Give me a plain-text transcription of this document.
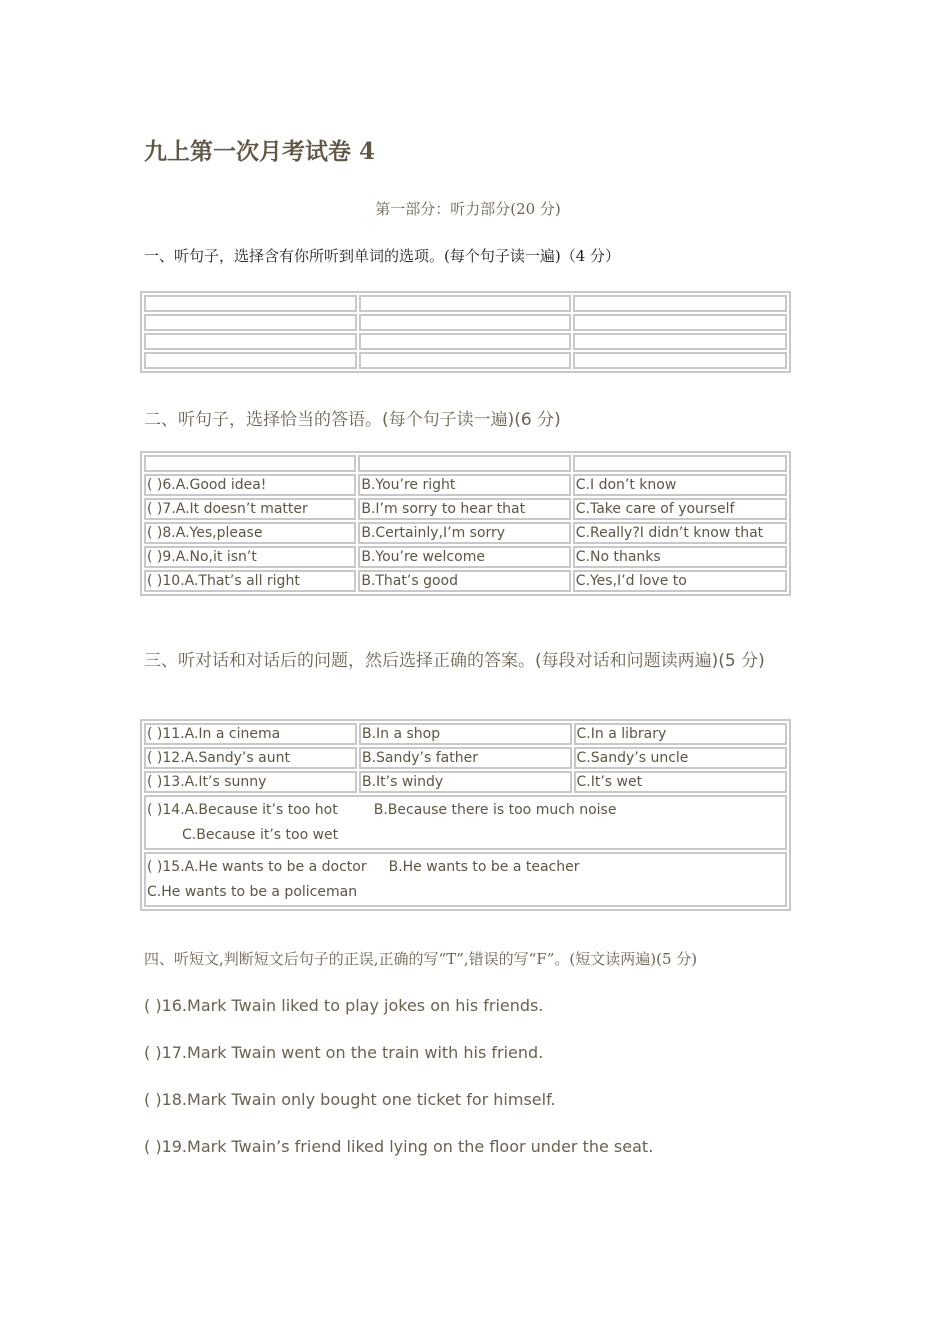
九上第一次月考试卷 4
第一部分：听力部分(20 分)
一、听句子，选择含有你所听到单词的选项。(每个句子读一遍)（4 分）

二、听句子，选择恰当的答语。(每个句子读一遍)(6 分)

( )6.A.Good idea!	B.You’re right	C.I don’t know
( )7.A.It doesn’t matter	B.I’m sorry to hear that	C.Take care of yourself
( )8.A.Yes,please	B.Certainly,I’m sorry	C.Really?I didn’t know that
( )9.A.No,it isn’t	B.You’re welcome	C.No thanks
( )10.A.That’s all right	B.That’s good	C.Yes,I’d love to
三、听对话和对话后的问题，然后选择正确的答案。(每段对话和问题读两遍)(5 分)
( )11.A.In a cinema	B.In a shop	C.In a library
( )12.A.Sandy’s aunt	B.Sandy’s father	C.Sandy’s uncle
( )13.A.It’s sunny	B.It’s windy	C.It’s wet
( )14.A.Because it’s too hot B.Because there is too much noise
C.Because it’s too wet		
( )15.A.He wants to be a doctor B.He wants to be a teacher
C.He wants to be a policeman		
四、听短文,判断短文后句子的正误,正确的写“T”,错误的写“F”。(短文读两遍)(5 分)
( )16.Mark Twain liked to play jokes on his friends.
( )17.Mark Twain went on the train with his friend.
( )18.Mark Twain only bought one ticket for himself.
( )19.Mark Twain’s friend liked lying on the floor under the seat.
